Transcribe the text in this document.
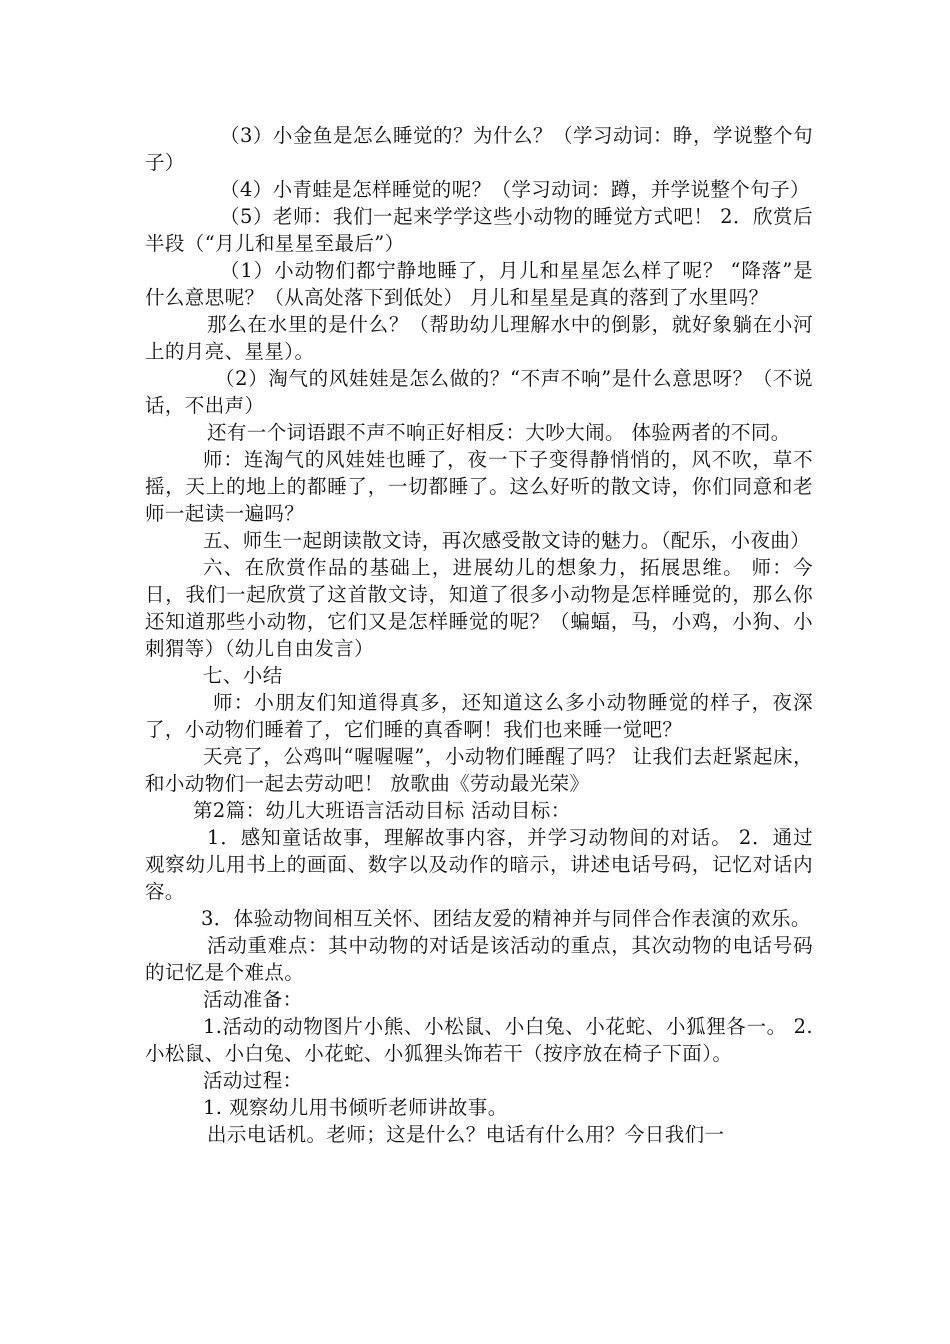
（3）小金鱼是怎么睡觉的？为什么？（学习动词：睁，学说整个句子）

（4）小青蛙是怎样睡觉的呢？（学习动词：蹲，并学说整个句子）

（5）老师：我们一起来学学这些小动物的睡觉方式吧！ 2．欣赏后半段（“月儿和星星至最后”）

（1）小动物们都宁静地睡了，月儿和星星怎么样了呢？ “降落”是什么意思呢？（从高处落下到低处） 月儿和星星是真的落到了水里吗？

那么在水里的是什么？（帮助幼儿理解水中的倒影，就好象躺在小河上的月亮、星星）。

（2）淘气的风娃娃是怎么做的？“不声不响”是什么意思呀？（不说话，不出声）

还有一个词语跟不声不响正好相反：大吵大闹。 体验两者的不同。

师：连淘气的风娃娃也睡了，夜一下子变得静悄悄的，风不吹，草不摇，天上的地上的都睡了，一切都睡了。这么好听的散文诗，你们同意和老师一起读一遍吗？

五、师生一起朗读散文诗，再次感受散文诗的魅力。（配乐，小夜曲）

六、在欣赏作品的基础上，进展幼儿的想象力，拓展思维。 师：今日，我们一起欣赏了这首散文诗，知道了很多小动物是怎样睡觉的，那么你还知道那些小动物，它们又是怎样睡觉的呢？（蝙蝠，马，小鸡，小狗、小刺猬等）（幼儿自由发言）

七、小结

师：小朋友们知道得真多，还知道这么多小动物睡觉的样子，夜深了，小动物们睡着了，它们睡的真香啊！我们也来睡一觉吧？

天亮了，公鸡叫“喔喔喔”，小动物们睡醒了吗？ 让我们去赶紧起床，和小动物们一起去劳动吧！ 放歌曲《劳动最光荣》

第2篇：幼儿大班语言活动目标 活动目标：

1．感知童话故事，理解故事内容，并学习动物间的对话。 2．通过观察幼儿用书上的画面、数字以及动作的暗示，讲述电话号码，记忆对话内容。

3．体验动物间相互关怀、团结友爱的精神并与同伴合作表演的欢乐。

活动重难点：其中动物的对话是该活动的重点，其次动物的电话号码的记忆是个难点。

活动准备：

1.活动的动物图片小熊、小松鼠、小白兔、小花蛇、小狐狸各一。 2.小松鼠、小白兔、小花蛇、小狐狸头饰若干（按序放在椅子下面）。

活动过程：

1. 观察幼儿用书倾听老师讲故事。

出示电话机。老师；这是什么？电话有什么用？今日我们一
